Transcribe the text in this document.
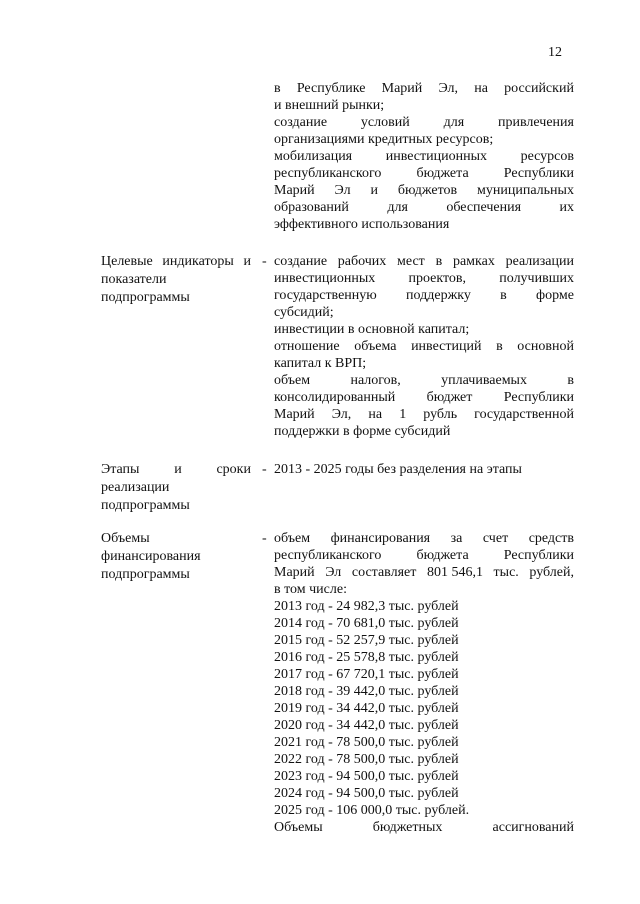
12
в Республике Марий Эл, на российский
и внешний рынки;
создание условий для привлечения
организациями кредитных ресурсов;
мобилизация инвестиционных ресурсов
республиканского	бюджета	Республики
Марий Эл и бюджетов муниципальных
образований	для	обеспечения	их
эффективного использования
Целевые индикаторы и показатели подпрограммы
- создание рабочих мест в рамках реализации
инвестиционных проектов, получивших
государственную поддержку в форме
субсидий;
инвестиции в основной капитал;
отношение объема инвестиций в основной
капитал к ВРП;
объем	налогов,	уплачиваемых	в
консолидированный бюджет Республики
Марий Эл, на 1 рубль государственной
поддержки в форме субсидий
Этапы и сроки
реализации подпрограммы
- 2013 - 2025 годы без разделения на этапы
Объемы финансирования подпрограммы
- объем финансирования за счет средств
республиканского	бюджета	Республики
Марий Эл составляет 801 546,1 тыс. рублей,
в том числе:
2013 год - 24 982,3 тыс. рублей
2014 год - 70 681,0 тыс. рублей
2015 год - 52 257,9 тыс. рублей
2016 год - 25 578,8 тыс. рублей
2017 год - 67 720,1 тыс. рублей
2018 год - 39 442,0 тыс. рублей
2019 год - 34 442,0 тыс. рублей
2020 год - 34 442,0 тыс. рублей
2021 год - 78 500,0 тыс. рублей
2022 год - 78 500,0 тыс. рублей
2023 год - 94 500,0 тыс. рублей
2024 год - 94 500,0 тыс. рублей
2025 год - 106 000,0 тыс. рублей.
Объемы	бюджетных	ассигнований
